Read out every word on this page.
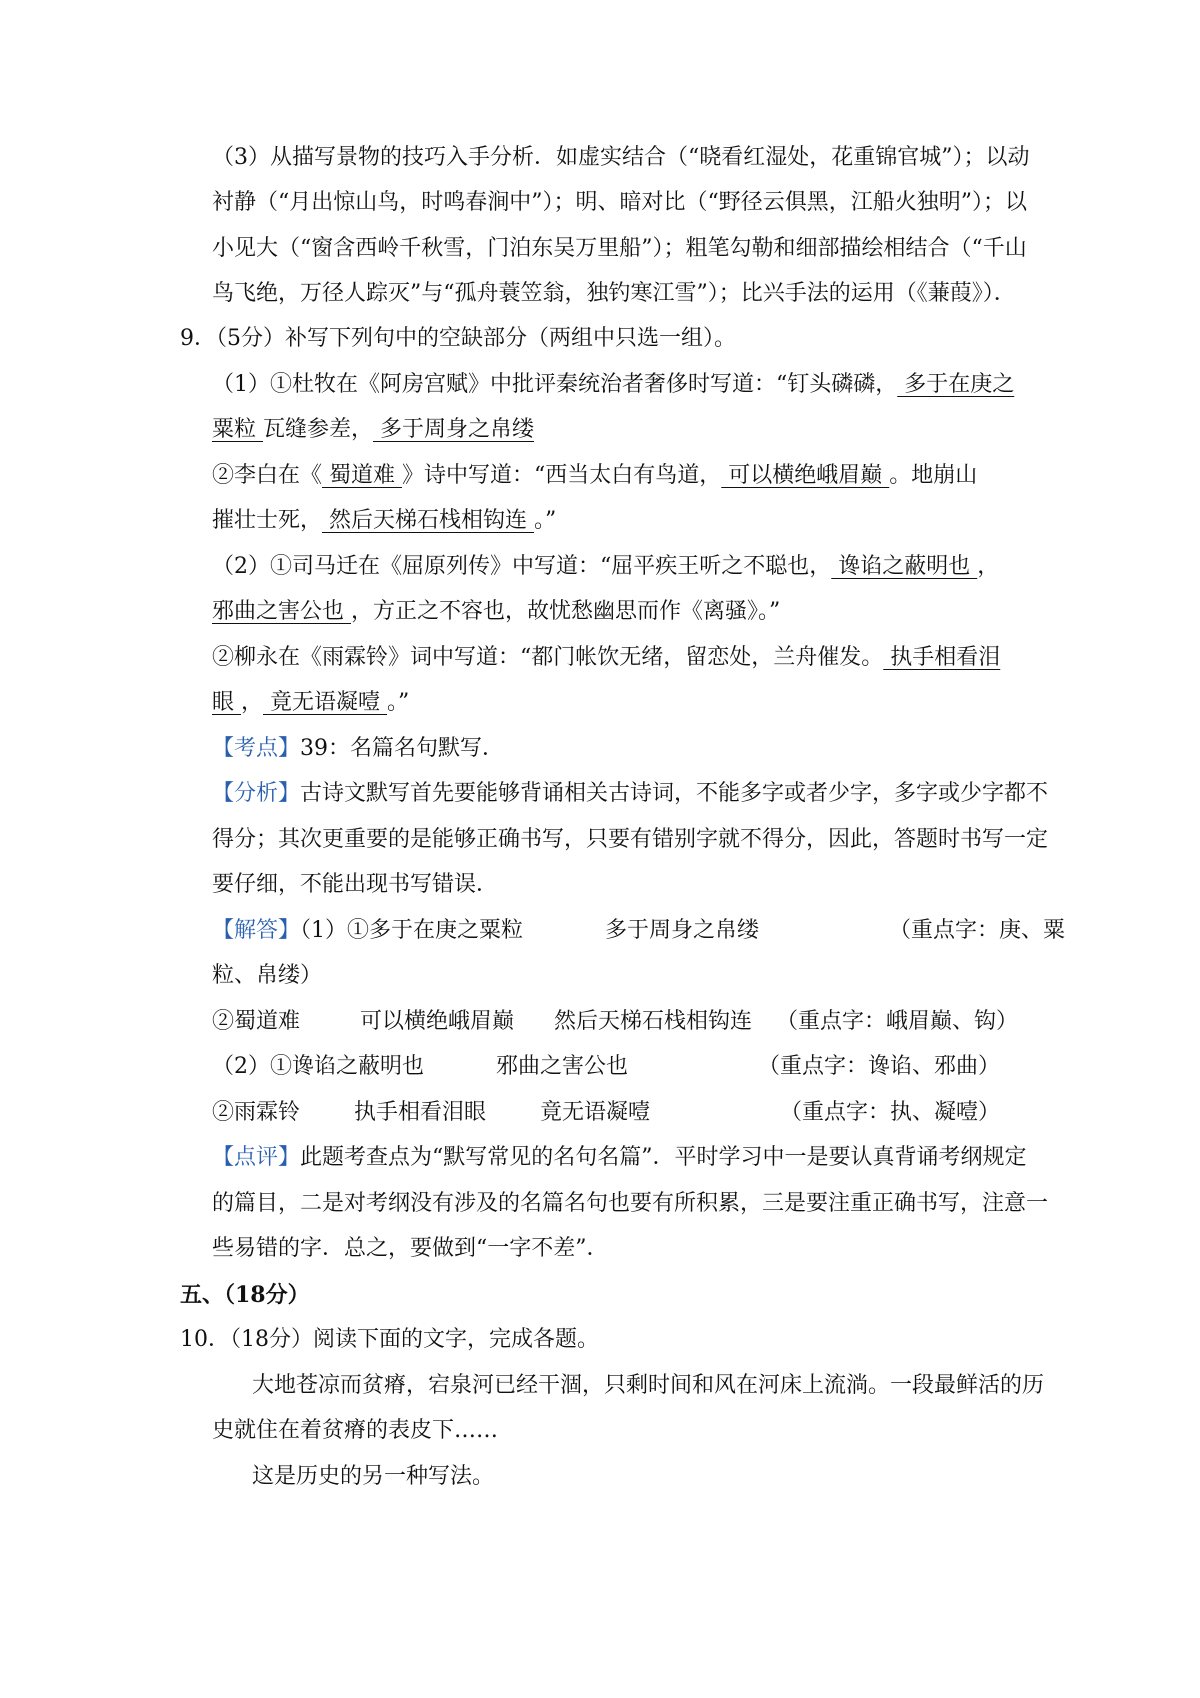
（3）从描写景物的技巧入手分析．如虚实结合（“晓看红湿处，花重锦官城”）；以动
衬静（“月出惊山鸟，时鸣春涧中”）；明、暗对比（“野径云俱黑，江船火独明”）；以
小见大（“窗含西岭千秋雪，门泊东吴万里船”）；粗笔勾勒和细部描绘相结合（“千山
鸟飞绝，万径人踪灭”与“孤舟蓑笠翁，独钓寒江雪”）；比兴手法的运用（《蒹葭》）．
9．（5分）补写下列句中的空缺部分（两组中只选一组）。
（1）①杜牧在《阿房宫赋》中批评秦统治者奢侈时写道：“钉头磷磷， 多于在庚之
粟粒 瓦缝参差， 多于周身之帛缕
②李白在《 蜀道难 》诗中写道：“西当太白有鸟道， 可以横绝峨眉巅 。地崩山
摧壮士死， 然后天梯石栈相钩连 。”
（2）①司马迁在《屈原列传》中写道：“屈平疾王听之不聪也， 谗谄之蔽明也 ，
邪曲之害公也 ，方正之不容也，故忧愁幽思而作《离骚》。”
②柳永在《雨霖铃》词中写道：“都门帐饮无绪，留恋处，兰舟催发。 执手相看泪
眼 ， 竟无语凝噎 。”
【考点】39：名篇名句默写．
【分析】古诗文默写首先要能够背诵相关古诗词，不能多字或者少字，多字或少字都不
得分；其次更重要的是能够正确书写，只要有错别字就不得分，因此，答题时书写一定
要仔细，不能出现书写错误．
【解答】（1）①多于在庚之粟粒	多于周身之帛缕	（重点字：庚、粟
粒、帛缕）
②蜀道难	可以横绝峨眉巅 然后天梯石栈相钩连 （重点字：峨眉巅、钩）
（2）①谗谄之蔽明也	邪曲之害公也	（重点字：谗谄、邪曲）
②雨霖铃 执手相看泪眼 竟无语凝噎	（重点字：执、凝噎）
【点评】此题考查点为“默写常见的名句名篇”．平时学习中一是要认真背诵考纲规定
的篇目，二是对考纲没有涉及的名篇名句也要有所积累，三是要注重正确书写，注意一
些易错的字．总之，要做到“一字不差”．
五、（18分）
10．（18分）阅读下面的文字，完成各题。
大地苍凉而贫瘠，宕泉河已经干涸，只剩时间和风在河床上流淌。一段最鲜活的历
史就住在着贫瘠的表皮下……
这是历史的另一种写法。
